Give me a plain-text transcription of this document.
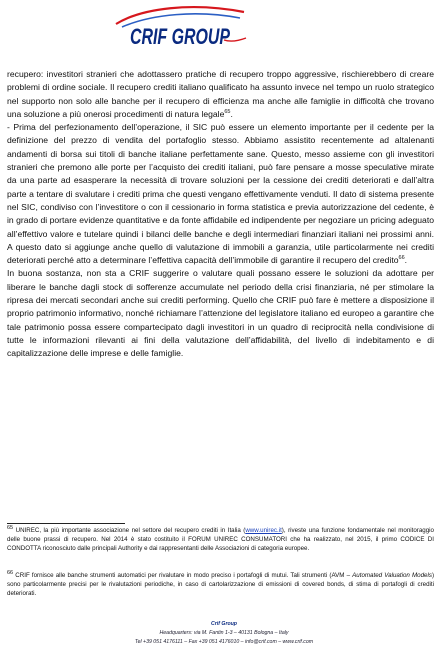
CRIF GROUP

recupero: investitori stranieri che adottassero pratiche di recupero troppo aggressive, rischierebbero di creare problemi di ordine sociale. Il recupero crediti italiano qualificato ha assunto invece nel tempo un ruolo strategico nel supporto non solo alle banche per il recupero di efficienza ma anche alle famiglie in difficoltà che trovano una soluzione a più onerosi procedimenti di natura legale$^{65}$.

- Prima del perfezionamento dell’operazione, il SIC può essere un elemento importante per il cedente per la definizione del prezzo di vendita del portafoglio stesso. Abbiamo assistito recentemente ad altalenanti andamenti di borsa sui titoli di banche italiane perfettamente sane. Questo, messo assieme con gli investitori stranieri che premono alle porte per l’acquisto dei crediti italiani, può fare pensare a mosse speculative mirate da una parte ad esasperare la necessità di trovare soluzioni per la cessione dei crediti deteriorati e dall’altra parte a tentare di svalutare i crediti prima che questi vengano effettivamente venduti. Il dato di sistema presente nel SIC, condiviso con l’investitore o con il cessionario in forma statistica e previa autorizzazione del cedente, è in grado di portare evidenze quantitative e da fonte affidabile ed indipendente per negoziare un pricing adeguato all’effettivo valore e tutelare quindi i bilanci delle banche e degli intermediari finanziari italiani nei prossimi anni. A questo dato si aggiunge anche quello di valutazione di immobili a garanzia, utile particolarmente nei crediti deteriorati perché atto a determinare l’effettiva capacità dell’immobile di garantire il recupero del credito$^{66}$.

In buona sostanza, non sta a CRIF suggerire o valutare quali possano essere le soluzioni da adottare per liberare le banche dagli stock di sofferenze accumulate nel periodo della crisi finanziaria, né per stimolare la ripresa dei mercati secondari anche sui crediti performing. Quello che CRIF può fare è mettere a disposizione il proprio patrimonio informativo, nonché richiamare l’attenzione del legislatore italiano ed europeo a garantire che tale patrimonio possa essere compartecipato dagli investitori in un quadro di reciprocità nella condivisione di tutte le informazioni rilevanti ai fini della valutazione dell’affidabilità, del livello di indebitamento e di capitalizzazione delle imprese e delle famiglie.

$^{65}$ UNIREC, la più importante associazione nel settore del recupero crediti in Italia (www.unirec.it), riveste una funzione fondamentale nel monitoraggio delle buone prassi di recupero. Nel 2014 è stato costituito il FORUM UNIREC CONSUMATORI che ha realizzato, nel 2015, il primo CODICE DI CONDOTTA riconosciuto dalle principali Authority e dai rappresentanti delle Associazioni di categoria europee.
$^{66}$ CRIF fornisce alle banche strumenti automatici per rivalutare in modo preciso i portafogli di mutui. Tali strumenti (AVM – Automated Valuation Models) sono particolarmente precisi per le rivalutazioni periodiche, in caso di cartolarizzazione di emissioni di covered bonds, di stima di portafogli di crediti deteriorati.
Crif Group
Headquarters: via M. Fantin 1-3 – 40131 Bologna – Italy
Tel +39 051 4176111 – Fax +39 051 4176010 – info@crif.com – www.crif.com
